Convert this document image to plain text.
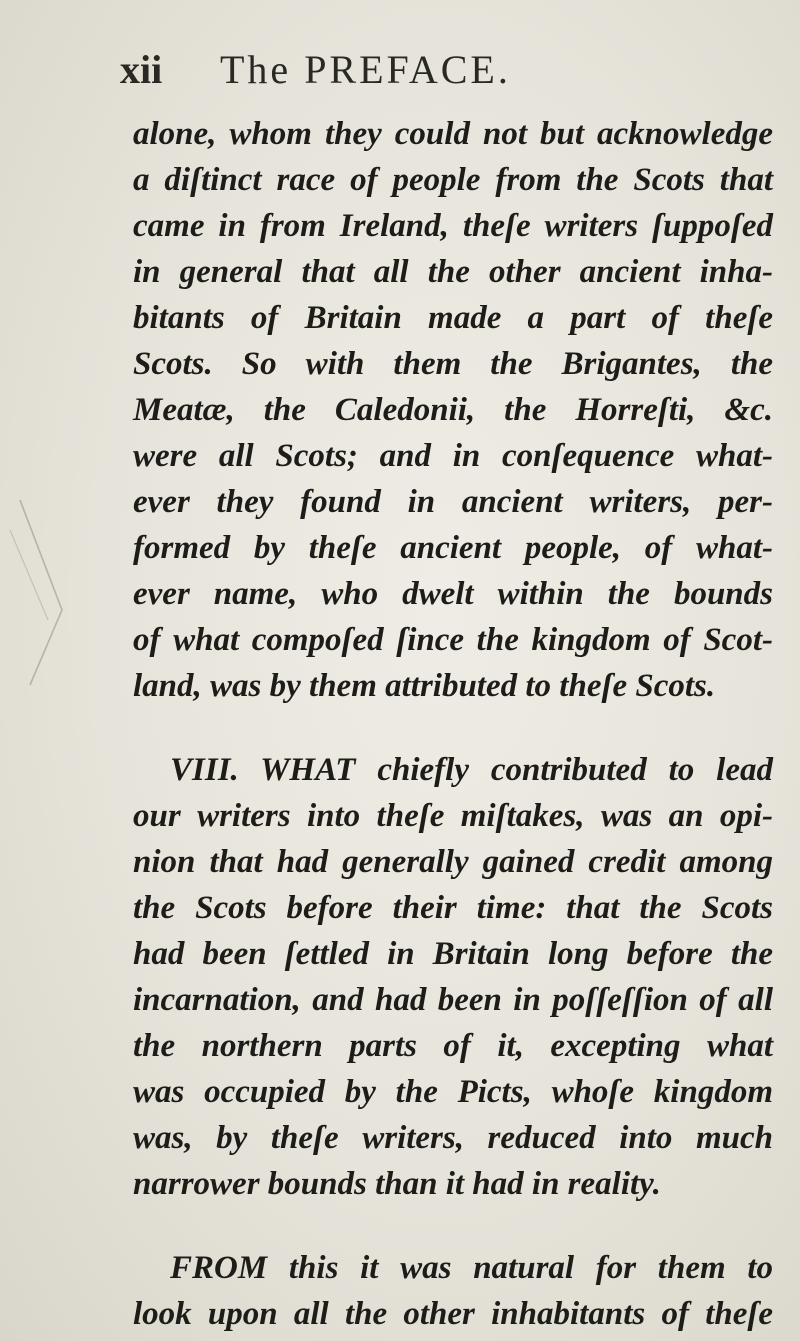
xii The PREFACE.
alone, whom they could not but acknowledge
a diſtinct race of people from the Scots that
came in from Ireland, theſe writers ſuppoſed
in general that all the other ancient inha-
bitants of Britain made a part of theſe
Scots. So with them the Brigantes, the
Meatæ, the Caledonii, the Horreſti, &c.
were all Scots; and in conſequence what-
ever they found in ancient writers, per-
formed by theſe ancient people, of what-
ever name, who dwelt within the bounds
of what compoſed ſince the kingdom of Scot-
land, was by them attributed to theſe Scots.
VIII. WHAT chiefly contributed to lead
our writers into theſe miſtakes, was an opi-
nion that had generally gained credit among
the Scots before their time: that the Scots
had been ſettled in Britain long before the
incarnation, and had been in poſſeſſion of all
the northern parts of it, excepting what
was occupied by the Picts, whoſe kingdom
was, by theſe writers, reduced into much
narrower bounds than it had in reality.
FROM this it was natural for them to
look upon all the other inhabitants of theſe
